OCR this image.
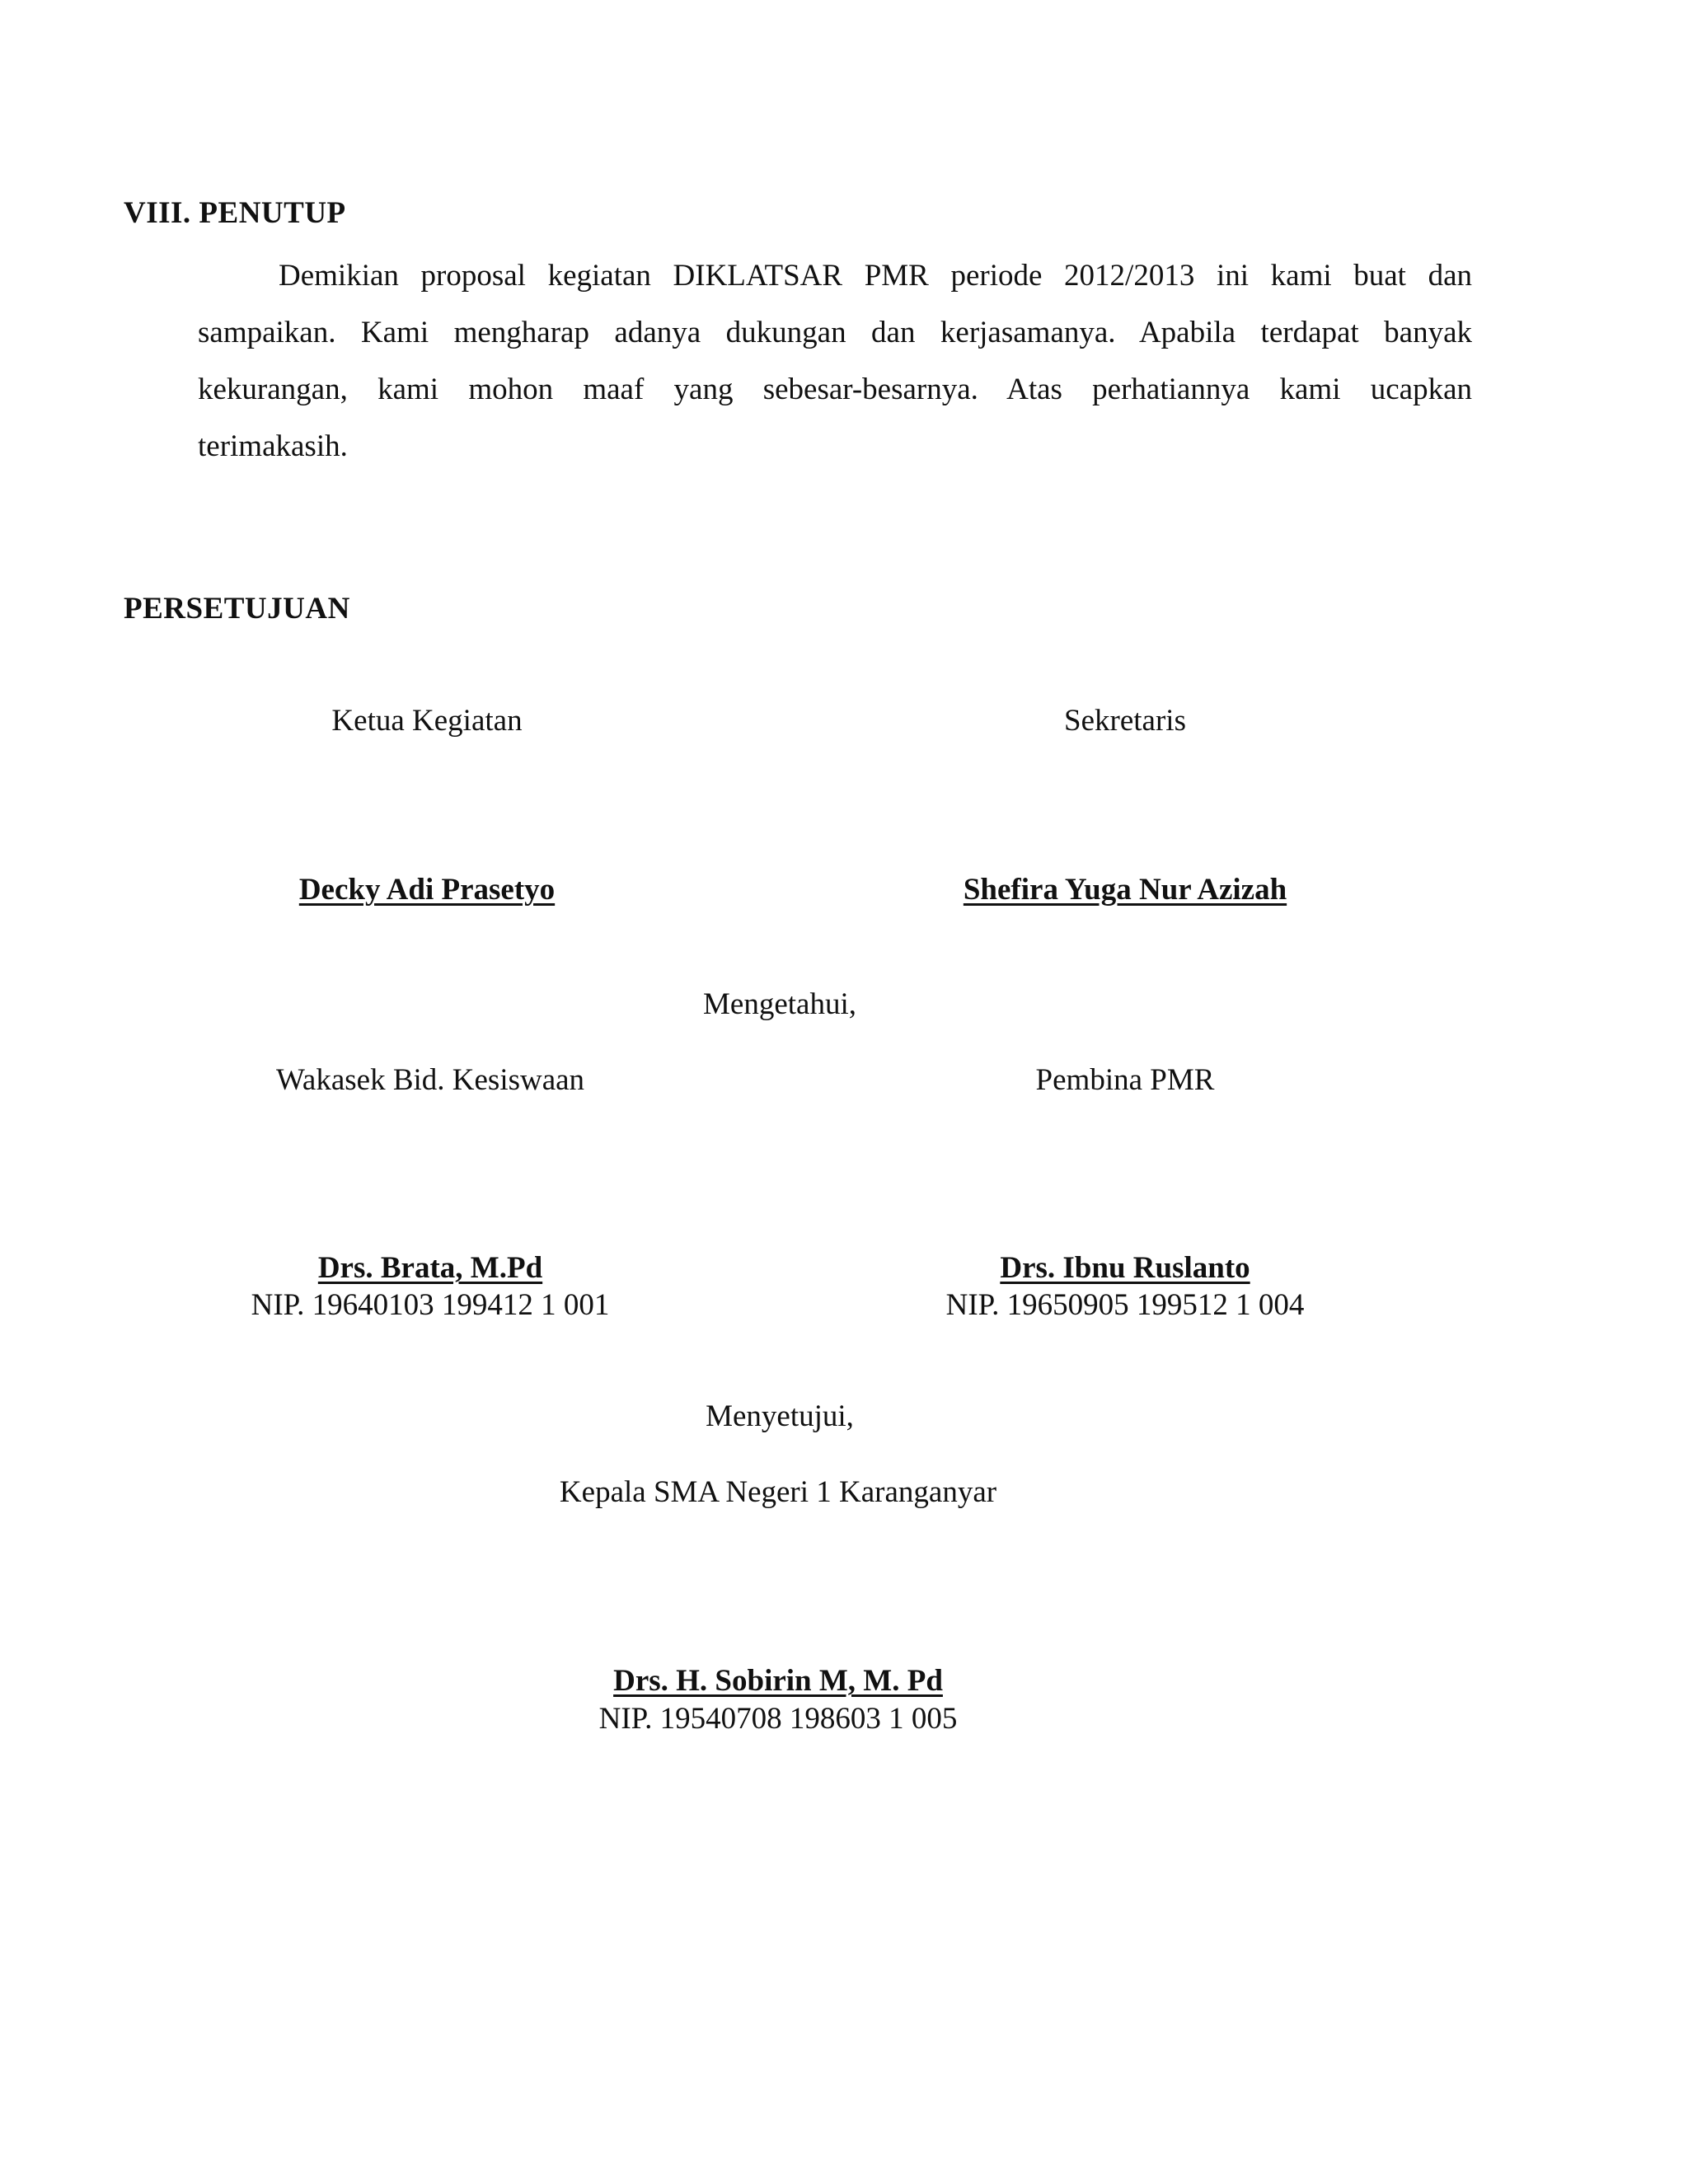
VIII. PENUTUP
Demikian proposal kegiatan DIKLATSAR PMR periode 2012/2013 ini kami buat dan sampaikan. Kami mengharap adanya dukungan dan kerjasamanya. Apabila terdapat banyak kekurangan, kami mohon maaf yang sebesar-besarnya. Atas perhatiannya kami ucapkan terimakasih.
PERSETUJUAN
Ketua Kegiatan	Sekretaris
Decky Adi Prasetyo	Shefira Yuga Nur Azizah
Mengetahui,
Wakasek Bid. Kesiswaan	Pembina PMR
Drs. Brata, M.Pd	Drs. Ibnu Ruslanto
NIP. 19640103 199412 1 001	NIP. 19650905 199512 1 004
Menyetujui,
Kepala SMA Negeri 1 Karanganyar
Drs. H. Sobirin M, M. Pd
NIP. 19540708 198603 1 005
